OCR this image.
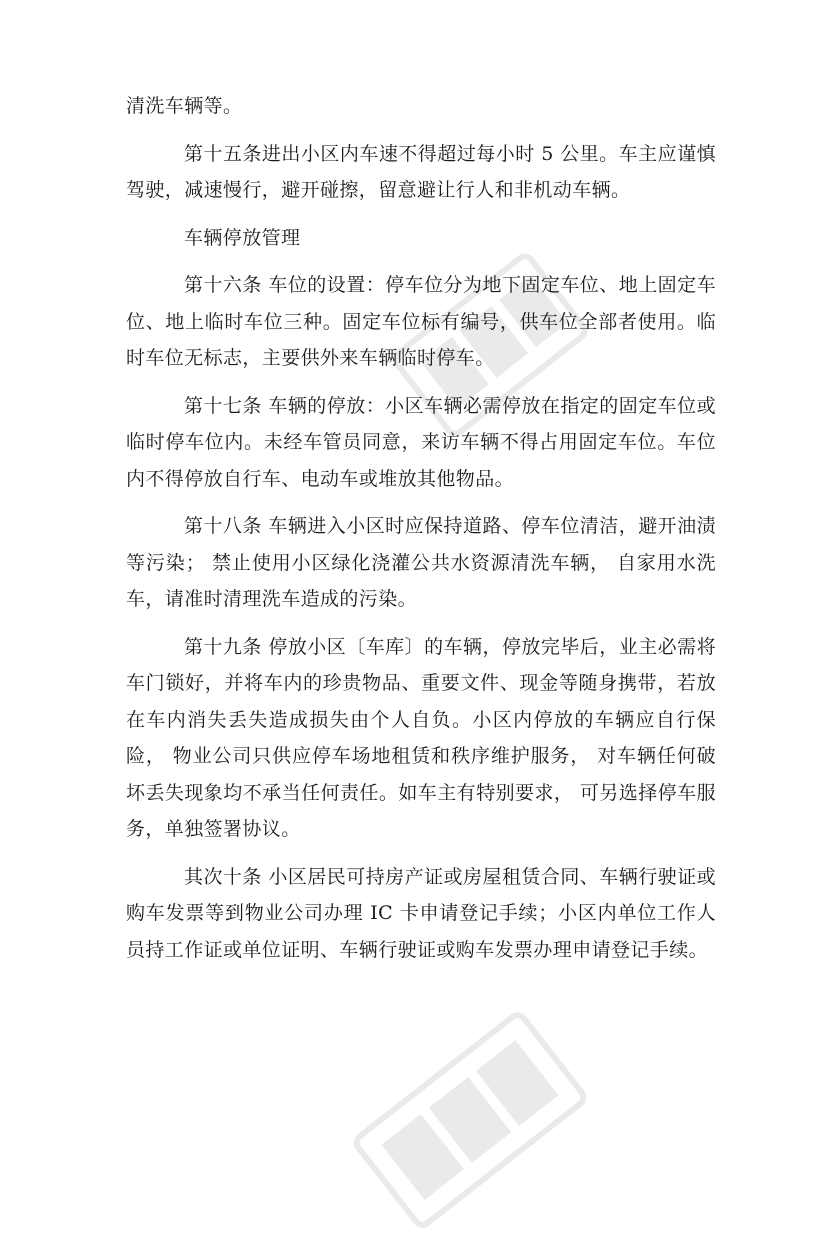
清洗车辆等。

第十五条进出小区内车速不得超过每小时 5 公里。车主应谨慎驾驶，减速慢行，避开碰擦，留意避让行人和非机动车辆。

车辆停放管理

第十六条 车位的设置：停车位分为地下固定车位、地上固定车位、地上临时车位三种。固定车位标有编号，供车位全部者使用。临时车位无标志，主要供外来车辆临时停车。

第十七条 车辆的停放：小区车辆必需停放在指定的固定车位或临时停车位内。未经车管员同意，来访车辆不得占用固定车位。车位内不得停放自行车、电动车或堆放其他物品。

第十八条 车辆进入小区时应保持道路、停车位清洁，避开油渍等污染； 禁止使用小区绿化浇灌公共水资源清洗车辆， 自家用水洗车，请准时清理洗车造成的污染。

第十九条 停放小区〔车库〕的车辆，停放完毕后，业主必需将车门锁好，并将车内的珍贵物品、重要文件、现金等随身携带，若放在车内消失丢失造成损失由个人自负。小区内停放的车辆应自行保险， 物业公司只供应停车场地租赁和秩序维护服务， 对车辆任何破坏丢失现象均不承当任何责任。如车主有特别要求， 可另选择停车服务，单独签署协议。

其次十条 小区居民可持房产证或房屋租赁合同、车辆行驶证或购车发票等到物业公司办理 IC 卡申请登记手续；小区内单位工作人员持工作证或单位证明、车辆行驶证或购车发票办理申请登记手续。
